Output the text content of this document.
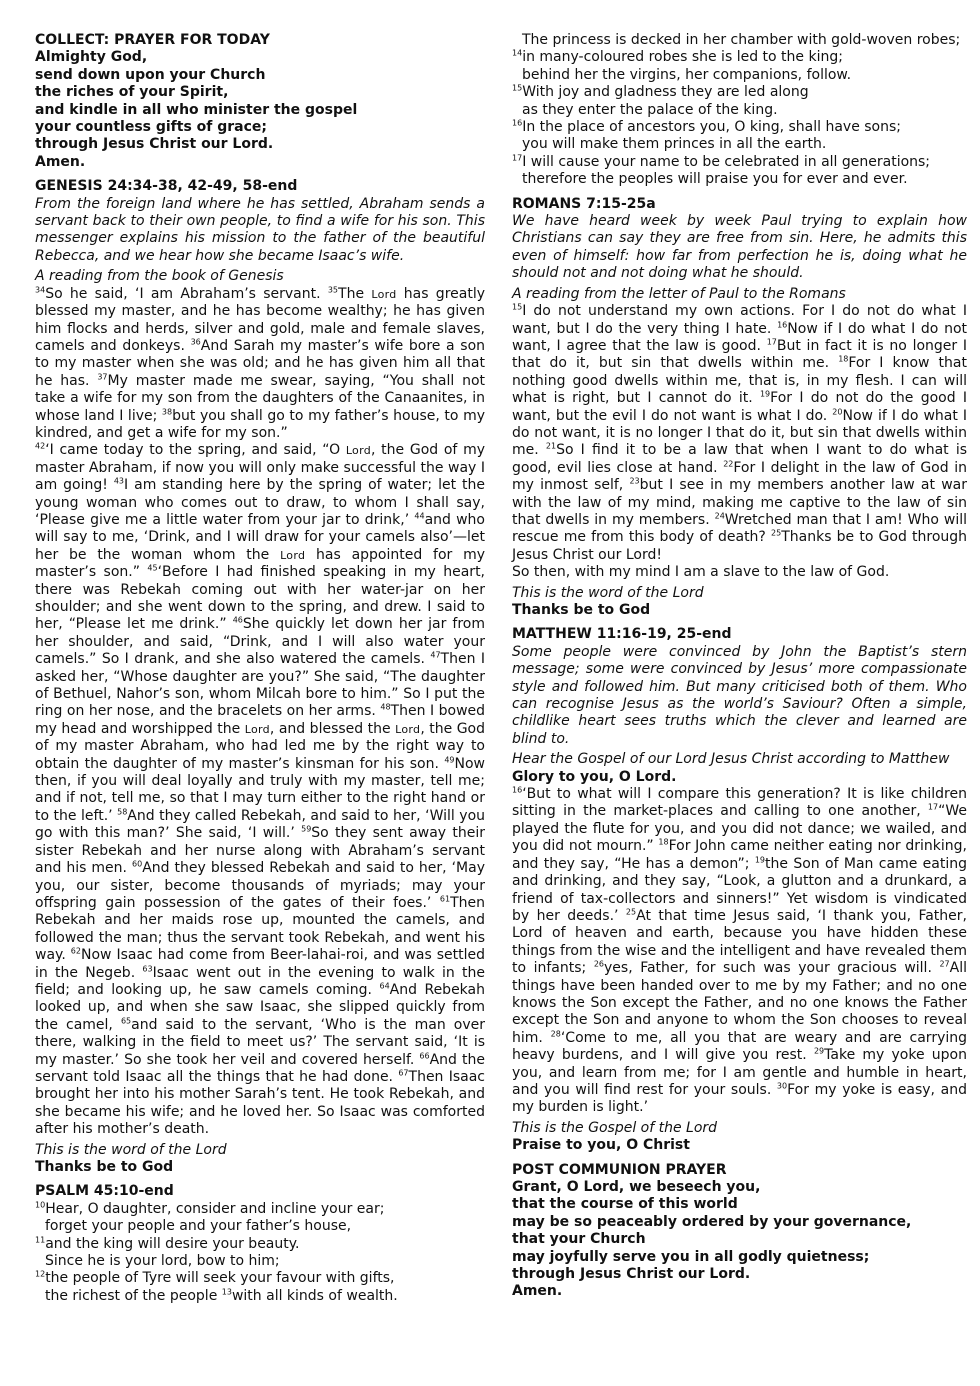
COLLECT: PRAYER FOR TODAY
Almighty God,
send down upon your Church
the riches of your Spirit,
and kindle in all who minister the gospel
your countless gifts of grace;
through Jesus Christ our Lord.
Amen.
GENESIS 24:34-38, 42-49, 58-end
From the foreign land where he has settled, Abraham sends a servant back to their own people, to find a wife for his son. This messenger explains his mission to the father of the beautiful Rebecca, and we hear how she became Isaac’s wife.
A reading from the book of Genesis
$^{34}$So he said, ‘I am Abraham’s servant. $^{35}$The Lord has greatly blessed my master, and he has become wealthy; he has given him flocks and herds, silver and gold, male and female slaves, camels and donkeys. $^{36}$And Sarah my master’s wife bore a son to my master when she was old; and he has given him all that he has. $^{37}$My master made me swear, saying, “You shall not take a wife for my son from the daughters of the Canaanites, in whose land I live; $^{38}$but you shall go to my father’s house, to my kindred, and get a wife for my son.”
$^{42}$‘I came today to the spring, and said, “O Lord, the God of my master Abraham, if now you will only make successful the way I am going! $^{43}$I am standing here by the spring of water; let the young woman who comes out to draw, to whom I shall say, ‘Please give me a little water from your jar to drink,’ $^{44}$and who will say to me, ‘Drink, and I will draw for your camels also’—let her be the woman whom the Lord has appointed for my master’s son.” $^{45}$‘Before I had finished speaking in my heart, there was Rebekah coming out with her water-jar on her shoulder; and she went down to the spring, and drew. I said to her, “Please let me drink.” $^{46}$She quickly let down her jar from her shoulder, and said, “Drink, and I will also water your camels.” So I drank, and she also watered the camels. $^{47}$Then I asked her, “Whose daughter are you?” She said, “The daughter of Bethuel, Nahor’s son, whom Milcah bore to him.” So I put the ring on her nose, and the bracelets on her arms. $^{48}$Then I bowed my head and worshipped the Lord, and blessed the Lord, the God of my master Abraham, who had led me by the right way to obtain the daughter of my master’s kinsman for his son. $^{49}$Now then, if you will deal loyally and truly with my master, tell me; and if not, tell me, so that I may turn either to the right hand or to the left.’ $^{58}$And they called Rebekah, and said to her, ‘Will you go with this man?’ She said, ‘I will.’ $^{59}$So they sent away their sister Rebekah and her nurse along with Abraham’s servant and his men. $^{60}$And they blessed Rebekah and said to her, ‘May you, our sister, become thousands of myriads; may your offspring gain possession of the gates of their foes.’ $^{61}$Then Rebekah and her maids rose up, mounted the camels, and followed the man; thus the servant took Rebekah, and went his way. $^{62}$Now Isaac had come from Beer-lahai-roi, and was settled in the Negeb. $^{63}$Isaac went out in the evening to walk in the field; and looking up, he saw camels coming. $^{64}$And Rebekah looked up, and when she saw Isaac, she slipped quickly from the camel, $^{65}$and said to the servant, ‘Who is the man over there, walking in the field to meet us?’ The servant said, ‘It is my master.’ So she took her veil and covered herself. $^{66}$And the servant told Isaac all the things that he had done. $^{67}$Then Isaac brought her into his mother Sarah’s tent. He took Rebekah, and she became his wife; and he loved her. So Isaac was comforted after his mother’s death.
This is the word of the Lord
Thanks be to God
PSALM 45:10-end
$^{10}$Hear, O daughter, consider and incline your ear;
forget your people and your father’s house,
$^{11}$and the king will desire your beauty.
Since he is your lord, bow to him;
$^{12}$the people of Tyre will seek your favour with gifts,
the richest of the people $^{13}$with all kinds of wealth.
The princess is decked in her chamber with gold-woven robes;
$^{14}$in many-coloured robes she is led to the king;
behind her the virgins, her companions, follow.
$^{15}$With joy and gladness they are led along
as they enter the palace of the king.
$^{16}$In the place of ancestors you, O king, shall have sons;
you will make them princes in all the earth.
$^{17}$I will cause your name to be celebrated in all generations;
therefore the peoples will praise you for ever and ever.
ROMANS 7:15-25a
We have heard week by week Paul trying to explain how Christians can say they are free from sin. Here, he admits this even of himself: how far from perfection he is, doing what he should not and not doing what he should.
A reading from the letter of Paul to the Romans
$^{15}$I do not understand my own actions. For I do not do what I want, but I do the very thing I hate. $^{16}$Now if I do what I do not want, I agree that the law is good. $^{17}$But in fact it is no longer I that do it, but sin that dwells within me. $^{18}$For I know that nothing good dwells within me, that is, in my flesh. I can will what is right, but I cannot do it. $^{19}$For I do not do the good I want, but the evil I do not want is what I do. $^{20}$Now if I do what I do not want, it is no longer I that do it, but sin that dwells within me. $^{21}$So I find it to be a law that when I want to do what is good, evil lies close at hand. $^{22}$For I delight in the law of God in my inmost self, $^{23}$but I see in my members another law at war with the law of my mind, making me captive to the law of sin that dwells in my members. $^{24}$Wretched man that I am! Who will rescue me from this body of death? $^{25}$Thanks be to God through Jesus Christ our Lord!
So then, with my mind I am a slave to the law of God.
This is the word of the Lord
Thanks be to God
MATTHEW 11:16-19, 25-end
Some people were convinced by John the Baptist’s stern message; some were convinced by Jesus’ more compassionate style and followed him. But many criticised both of them. Who can recognise Jesus as the world’s Saviour? Often a simple, childlike heart sees truths which the clever and learned are blind to.
Hear the Gospel of our Lord Jesus Christ according to Matthew
Glory to you, O Lord.
$^{16}$‘But to what will I compare this generation? It is like children sitting in the market-places and calling to one another, $^{17}$“We played the flute for you, and you did not dance; we wailed, and you did not mourn.” $^{18}$For John came neither eating nor drinking, and they say, “He has a demon”; $^{19}$the Son of Man came eating and drinking, and they say, “Look, a glutton and a drunkard, a friend of tax-collectors and sinners!” Yet wisdom is vindicated by her deeds.’ $^{25}$At that time Jesus said, ‘I thank you, Father, Lord of heaven and earth, because you have hidden these things from the wise and the intelligent and have revealed them to infants; $^{26}$yes, Father, for such was your gracious will. $^{27}$All things have been handed over to me by my Father; and no one knows the Son except the Father, and no one knows the Father except the Son and anyone to whom the Son chooses to reveal him. $^{28}$‘Come to me, all you that are weary and are carrying heavy burdens, and I will give you rest. $^{29}$Take my yoke upon you, and learn from me; for I am gentle and humble in heart, and you will find rest for your souls. $^{30}$For my yoke is easy, and my burden is light.’
This is the Gospel of the Lord
Praise to you, O Christ
POST COMMUNION PRAYER
Grant, O Lord, we beseech you,
that the course of this world
may be so peaceably ordered by your governance,
that your Church
may joyfully serve you in all godly quietness;
through Jesus Christ our Lord.
Amen.
